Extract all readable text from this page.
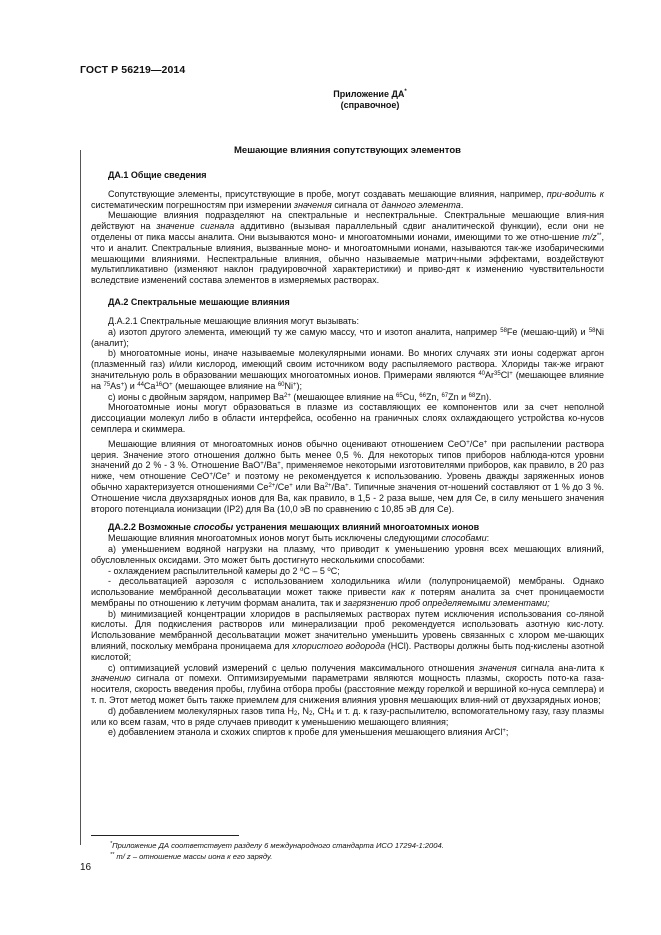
ГОСТ Р 56219—2014
Приложение ДА*
(справочное)
Мешающие влияния сопутствующих элементов
ДА.1 Общие сведения

Сопутствующие элементы, присутствующие в пробе, могут создавать мешающие влияния, например, при-водить к систематическим погрешностям при измерении значения сигнала от данного элемента.

Мешающие влияния подразделяют на спектральные и неспектральные. Спектральные мешающие влия-ния действуют на значение сигнала аддитивно (вызывая параллельный сдвиг аналитической функции), если они не отделены от пика массы аналита. Они вызываются моно- и многоатомными ионами, имеющими то же отно-шение m/z**, что и аналит. Спектральные влияния, вызванные моно- и многоатомными ионами, называются так-же изобарическими мешающими влияниями. Неспектральные влияния, обычно называемые матрич-ными эффектами, воздействуют мультипликативно (изменяют наклон градуировочной характеристики) и приво-дят к изменению чувствительности вследствие изменений состава элементов в измеряемых растворах.

ДА.2 Спектральные мешающие влияния

Д.А.2.1 Спектральные мешающие влияния могут вызывать:

а) изотоп другого элемента, имеющий ту же самую массу, что и изотоп аналита, например $^{58}$Fe (мешаю-щий) и $^{58}$Ni (аналит);

b) многоатомные ионы, иначе называемые молекулярными ионами. Во многих случаях эти ионы содержат аргон (плазменный газ) и/или кислород, имеющий своим источником воду распыляемого раствора. Хлориды так-же играют значительную роль в образовании мешающих многоатомных ионов. Примерами являются $^{40}$Ar$^{35}$Cl+ (мешающее влияние на $^{75}$As+) и $^{44}$Ca$^{16}$O+ (мешающее влияние на $^{60}$Ni+);

с) ионы с двойным зарядом, например $Ba^{2+}$ (мешающее влияние на $^{65}$Cu, $^{66}$Zn, $^{67}$Zn и $^{68}$Zn).

Многоатомные ионы могут образоваться в плазме из составляющих ее компонентов или за счет неполной диссоциации молекул либо в области интерфейса, особенно на граничных слоях охлаждающего устройства ко-нусов семплера и скиммера.

Мешающие влияния от многоатомных ионов обычно оценивают отношением CeO+/Ce+ при распылении раствора церия. Значение этого отношения должно быть менее 0,5 %. Для некоторых типов приборов наблюда-ются уровни значений до 2 % - 3 %. Отношение BaO+/Ba+, применяемое некоторыми изготовителями приборов, как правило, в 20 раз ниже, чем отношение CeO+/Ce+ и поэтому не рекомендуется к использованию. Уровень дважды заряженных ионов обычно характеризуется отношениями $Ce^{2+}/Ce^+$ или $Ba^{2+}/Ba^+$. Типичные значения от-ношений составляют от 1 % до 3 %. Отношение числа двухзарядных ионов для Ba, как правило, в 1,5 - 2 раза выше, чем для Ce, в силу меньшего значения второго потенциала ионизации (IP2) для Ba (10,0 эВ по сравнению с 10,85 эВ для Ce).

ДА.2.2 Возможные способы устранения мешающих влияний многоатомных ионов

Мешающие влияния многоатомных ионов могут быть исключены следующими способами:

а) уменьшением водяной нагрузки на плазму, что приводит к уменьшению уровня всех мешающих влияний, обусловленных оксидами. Это может быть достигнуто несколькими способами:

- охлаждением распылительной камеры до 2 $^о$С – 5 $^о$С;

- десольватацией аэрозоля с использованием холодильника и/или (полупроницаемой) мембраны. Однако использование мембранной десольватации может также привести как к потерям аналита за счет проницаемости мембраны по отношению к летучим формам аналита, так и загрязнению проб определяемыми элементами;

b) минимизацией концентрации хлоридов в распыляемых растворах путем исключения использования со-ляной кислоты. Для подкисления растворов или минерализации проб рекомендуется использовать азотную кис-лоту. Использование мембранной десольватации может значительно уменьшить уровень связанных с хлором ме-шающих влияний, поскольку мембрана проницаема для хлористого водорода (HCl). Растворы должны быть под-кислены азотной кислотой;

с) оптимизацией условий измерений с целью получения максимального отношения значения сигнала ана-лита к значению сигнала от помехи. Оптимизируемыми параметрами являются мощность плазмы, скорость пото-ка газа-носителя, скорость введения пробы, глубина отбора пробы (расстояние между горелкой и вершиной ко-нуса семплера) и т. п. Этот метод может быть также приемлем для снижения влияния уровня мешающих влия-ний от двухзарядных ионов;

d) добавлением молекулярных газов типа $H_2$, $N_2$, $CH_4$ и т. д. к газу-распылителю, вспомогательному газу, газу плазмы или ко всем газам, что в ряде случаев приводит к уменьшению мешающего влияния;

е) добавлением этанола и схожих спиртов к пробе для уменьшения мешающего влияния ArCl+;

*Приложение ДА соответствует разделу 6 международного стандарта ИСО 17294-1:2004.
** m/ z – отношение массы иона к его заряду.
16
